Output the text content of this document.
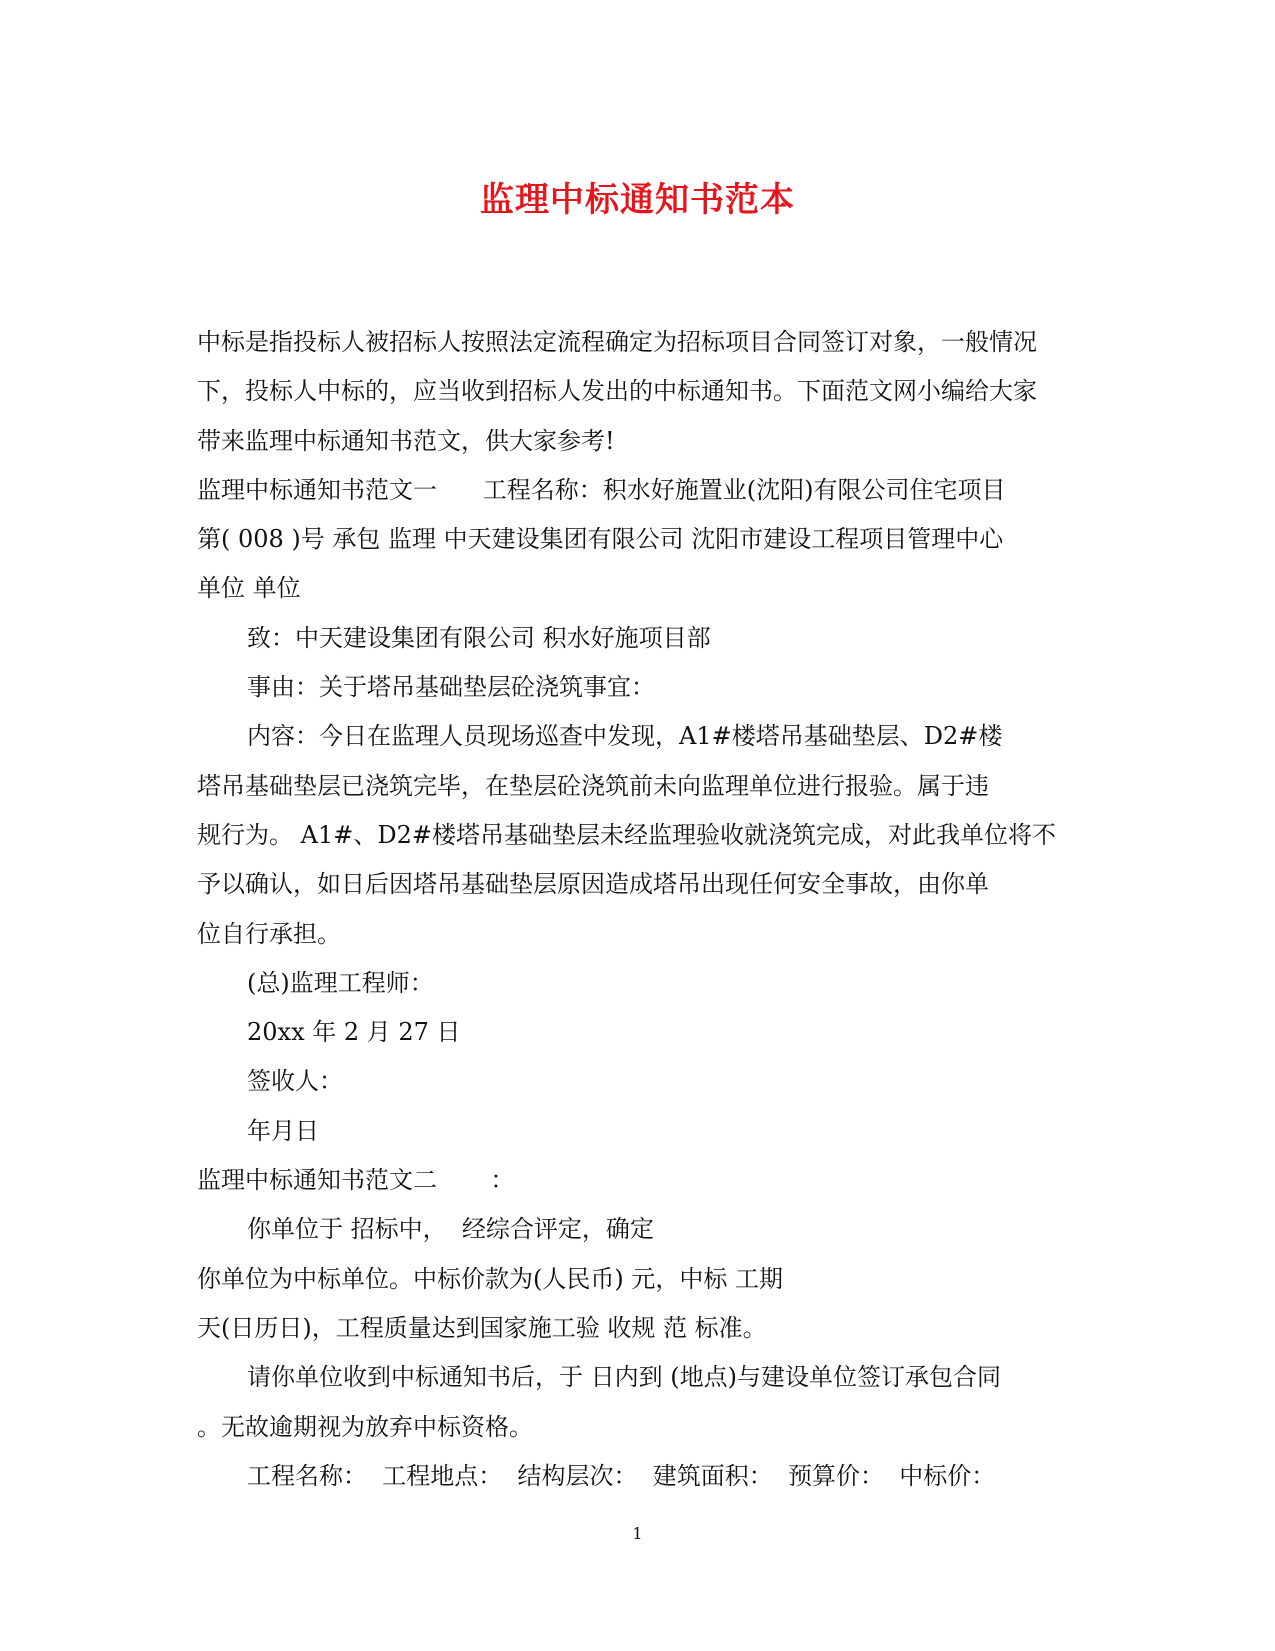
监理中标通知书范本
中标是指投标人被招标人按照法定流程确定为招标项目合同签订对象，一般情况
下，投标人中标的，应当收到招标人发出的中标通知书。下面范文网小编给大家
带来监理中标通知书范文，供大家参考!
监理中标通知书范文一      工程名称：积水好施置业(沈阳)有限公司住宅项目
第( 008 )号 承包 监理 中天建设集团有限公司 沈阳市建设工程项目管理中心
单位 单位
致：中天建设集团有限公司 积水好施项目部
事由：关于塔吊基础垫层砼浇筑事宜：
内容：今日在监理人员现场巡查中发现，A1#楼塔吊基础垫层、D2#楼
塔吊基础垫层已浇筑完毕，在垫层砼浇筑前未向监理单位进行报验。属于违
规行为。 A1#、D2#楼塔吊基础垫层未经监理验收就浇筑完成，对此我单位将不
予以确认，如日后因塔吊基础垫层原因造成塔吊出现任何安全事故，由你单
位自行承担。
(总)监理工程师：
20xx 年 2 月 27 日
签收人：
年月日
监理中标通知书范文二       ：
你单位于 招标中，  经综合评定，确定
你单位为中标单位。中标价款为(人民币) 元，中标 工期
天(日历日)，工程质量达到国家施工验 收规 范 标准。
请你单位收到中标通知书后，于 日内到 (地点)与建设单位签订承包合同
。无故逾期视为放弃中标资格。
工程名称：  工程地点：  结构层次：  建筑面积：  预算价：  中标价：
1
